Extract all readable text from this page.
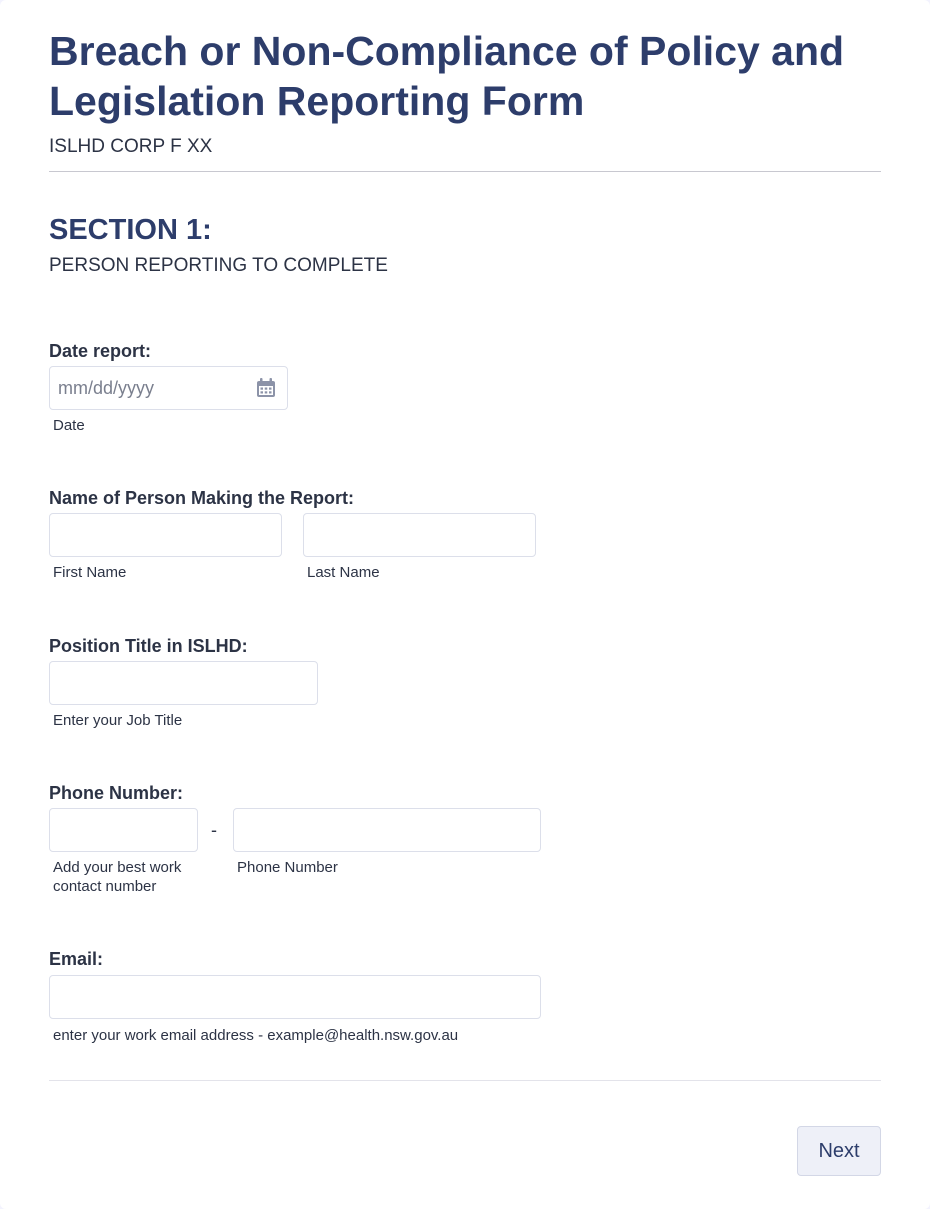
Breach or Non-Compliance of Policy and Legislation Reporting Form
ISLHD CORP F XX
SECTION 1:
PERSON REPORTING TO COMPLETE
Date report:
mm/dd/yyyy
Date
Name of Person Making the Report:
First Name	Last Name
Position Title in ISLHD:
Enter your Job Title
Phone Number:
Add your best work
contact number
-
Phone Number
Email:
enter your work email address - example@health.nsw.gov.au
Next
